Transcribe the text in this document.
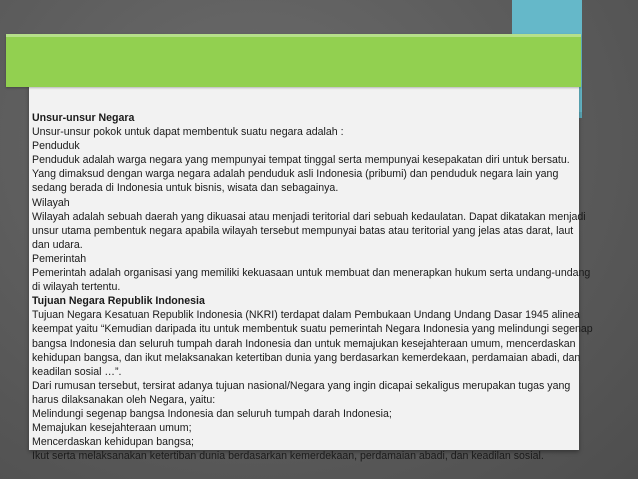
Unsur-unsur Negara

Unsur-unsur pokok untuk dapat membentuk suatu negara adalah :

Penduduk

Penduduk adalah warga negara yang mempunyai tempat tinggal serta mempunyai kesepakatan diri untuk bersatu.

Yang dimaksud dengan warga negara adalah penduduk asli Indonesia (pribumi) dan penduduk negara lain yang

sedang berada di Indonesia untuk bisnis, wisata dan sebagainya.

Wilayah

Wilayah adalah sebuah daerah yang dikuasai atau menjadi teritorial dari sebuah kedaulatan. Dapat dikatakan menjadi

unsur utama pembentuk negara apabila wilayah tersebut mempunyai batas atau teritorial yang jelas atas darat, laut

dan udara.

Pemerintah

Pemerintah adalah organisasi yang memiliki kekuasaan untuk membuat dan menerapkan hukum serta undang-undang

di wilayah tertentu.

Tujuan Negara Republik Indonesia

Tujuan Negara Kesatuan Republik Indonesia (NKRI) terdapat dalam Pembukaan Undang Undang Dasar 1945 alinea

keempat yaitu “Kemudian daripada itu untuk membentuk suatu pemerintah Negara Indonesia yang melindungi segenap

bangsa Indonesia dan seluruh tumpah darah Indonesia dan untuk memajukan kesejahteraan umum, mencerdaskan

kehidupan bangsa, dan ikut melaksanakan ketertiban dunia yang berdasarkan kemerdekaan, perdamaian abadi, dan

keadilan sosial …”.

Dari rumusan tersebut, tersirat adanya tujuan nasional/Negara yang ingin dicapai sekaligus merupakan tugas yang

harus dilaksanakan oleh Negara, yaitu:

Melindungi segenap bangsa Indonesia dan seluruh tumpah darah Indonesia;

Memajukan kesejahteraan umum;

Mencerdaskan kehidupan bangsa;

Ikut serta melaksanakan ketertiban dunia berdasarkan kemerdekaan, perdamaian abadi, dan keadilan sosial.
